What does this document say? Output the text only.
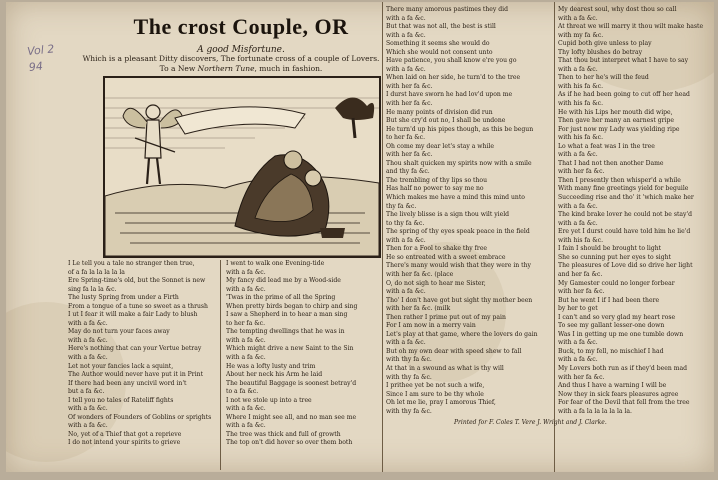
Vol 2
94
The crost Couple, OR
A good Misfortune.
Which is a pleasant Ditty discovers, The fortunate cross of a couple of Lovers.
To a New Northern Tune, much in fashion.
I Le tell you a tale no stranger then true,
of a fa la la la la la
Ere Spring-time's old, but the Sonnet is new
sing fa la la &c.
The lusty Spring from under a Firth
From a tongue of a tune so sweet as a thrush
I ut I fear it will make a fair Lady to blush
with a fa &c.
May do not turn your faces away
with a fa &c.
Here's nothing that can your Vertue betray
with a fa &c.
Let not your fancies lack a squint,
The Author would never have put it in Print
If there had been any uncivil word in't
but a fa &c.
I tell you no tales of Rateliff fights
with a fa &c.
Of wonders of Founders of Goblins or sprights
with a fa &c.
No, yet of a Thief that got a reprieve
I do not intend your spirits to grieve
I went to walk one Evening-tide
with a fa &c.
My fancy did lead me by a Wood-side
with a fa &c.
'Twas in the prime of all the Spring
When pretty birds began to chirp and sing
I saw a Shepherd in to hear a man sing
to her fa &c.
The tempting dwellings that he was in
with a fa &c.
Which might drive a new Saint to the Sin
with a fa &c.
He was a lofty lusty and trim
About her neck his Arm he laid
The beautiful Baggage is soonest betray'd
to a fa &c.
I not we stole up into a tree
with a fa &c.
Where I might see all, and no man see me
with a fa &c.
The tree was thick and full of growth
The top on't did hover so over them both
There many amorous pastimes they did
with a fa &c.
But that was not all, the best is still
with a fa &c.
Something it seems she would do
Which she would not consent unto
Have patience, you shall know e're you go
with a fa &c.
When laid on her side, he turn'd to the tree
with her fa &c.
I durst have sworn he had lov'd upon me
with her fa &c.
He many points of division did run
But she cry'd out no, I shall be undone
He turn'd up his pipes though, as this be begun
to her fa &c.
Oh come my dear let's stay a while
with her fa &c.
Thou shalt quicken my spirits now with a smile
and thy fa &c.
The trembling of thy lips so thou
Has half no power to say me no
Which makes me have a mind this mind unto
thy fa &c.
The lively blisse is a sign thou wilt yield
to thy fa &c.
The spring of thy eyes speak peace in the field
with a fa &c.
Then for a Fool to shake thy free
He so entreated with a sweet embrace
There's many would wish that they were in thy
with her fa &c. (place
O, do not sigh to hear me Sister,
with a fa &c.
Tho' I don't have got but sight thy mother been
with her fa &c. (milk
Then rather I prime put out of my pain
For I am now in a merry vain
Let's play at that game, where the lovers do gain
with a fa &c.
But oh my own dear with speed shew to fall
with thy fa &c.
At that in a swound as what is thy will
with thy fa &c.
I prithee yet be not such a wife,
Since I am sure to be thy whole
Oh let me lie, pray I amorous Thief,
with thy fa &c.
My dearest soul, why dost thou so call
with a fa &c.
At threat we will marry it thou wilt make haste
with my fa &c.
Cupid both give unless to play
Thy lofty blushes do betray
That thou but interpret what I have to say
with a fa &c.
Then to her he's will the feud
with his fa &c.
As if he had been going to cut off her head
with his fa &c.
He with his Lips her mouth did wipe,
Then gave her many an earnest gripe
For just now my Lady was yielding ripe
with his fa &c.
Lo what a feat was I in the tree
with a fa &c.
That I had not then another Dame
with her fa &c.
Then I presently then whisper'd a while
With many fine greetings yield for beguile
Succeeding rise and tho' it 'which make her
with a fa &c.
The kind brake lover he could not be stay'd
with a fa &c.
Ere yet I durst could have told him he lie'd
with his fa &c.
I fain I should be brought to light
She so cunning put her eyes to sight
The pleasures of Love did so drive her light
and her fa &c.
My Gamester could no longer forbear
with her fa &c.
But he went I if I had been there
by her to get
I can't and so very glad my heart rose
To see my gallant lesser-one down
Was I in getting up me one tumble down
with a fa &c.
Buck, to my fell, no mischief I had
with a fa &c.
My Lovers both run as if they'd been mad
with her fa &c.
And thus I have a warning I will be
Now they in sick fears pleasures agree
For fear of the Devil that fell from the tree
with a fa la la la la la la.
Printed for F. Coles T. Vere J. Wright and J. Clarke.
